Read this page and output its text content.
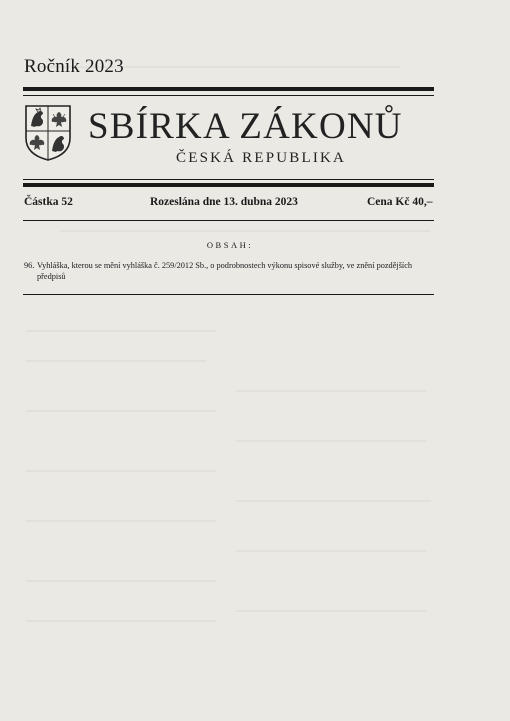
Ročník 2023
SBÍRKA ZÁKONŮ
ČESKÁ REPUBLIKA
Částka 52	Rozeslána dne 13. dubna 2023	Cena Kč 40,–
OBSAH:
96. Vyhláška, kterou se mění vyhláška č. 259/2012 Sb., o podrobnostech výkonu spisové služby, ve znění pozdějších
předpisů
